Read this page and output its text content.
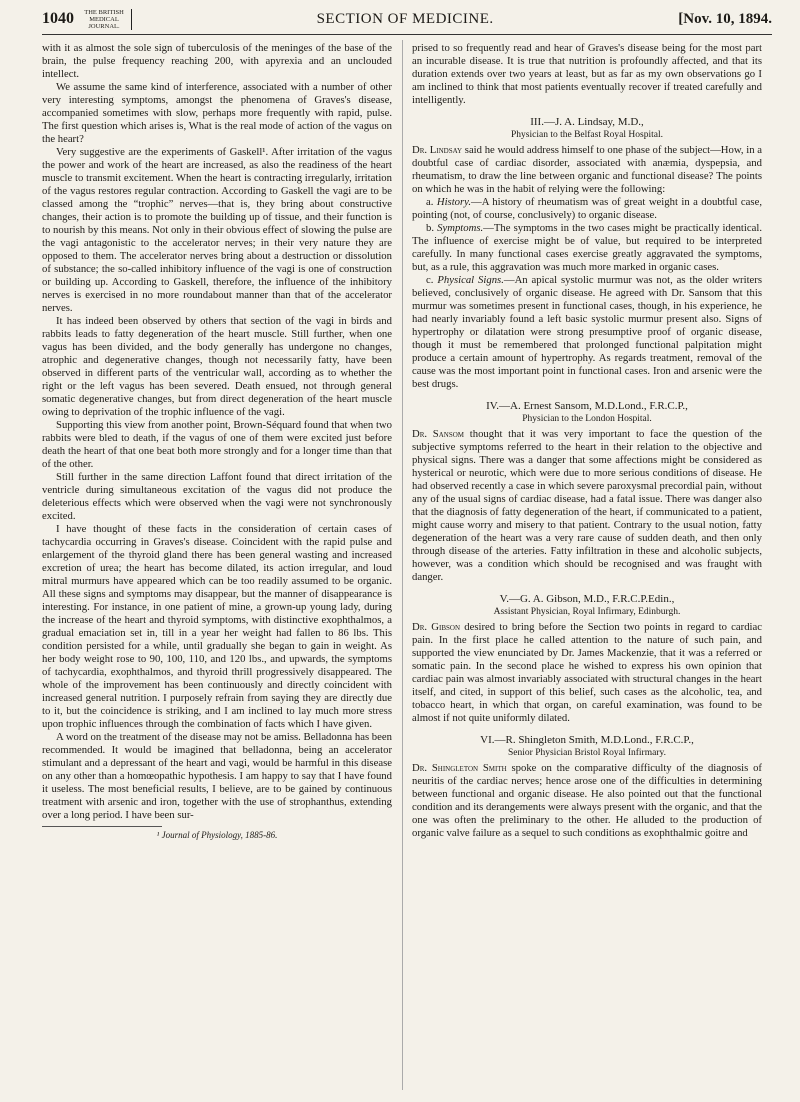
1040	THE BRITISH
MEDICAL JOURNAL.	SECTION OF MEDICINE.	[Nov. 10, 1894.

with it as almost the sole sign of tuberculosis of the meninges of the base of the brain, the pulse frequency reaching 200, with apyrexia and an unclouded intellect.

We assume the same kind of interference, associated with a number of other very interesting symptoms, amongst the phenomena of Graves's disease, accompanied sometimes with slow, perhaps more frequently with rapid, pulse. The first question which arises is, What is the real mode of action of the vagus on the heart?

Very suggestive are the experiments of Gaskell¹. After irritation of the vagus the power and work of the heart are increased, as also the readiness of the heart muscle to transmit excitement. When the heart is contracting irregularly, irritation of the vagus restores regular contraction. According to Gaskell the vagi are to be classed among the “trophic” nerves—that is, they bring about constructive changes, their action is to promote the building up of tissue, and their function is to nourish by this means. Not only in their obvious effect of slowing the pulse are the vagi antagonistic to the accelerator nerves; in their very nature they are opposed to them. The accelerator nerves bring about a destruction or dissolution of substance; the so-called inhibitory influence of the vagi is one of construction or building up. According to Gaskell, therefore, the influence of the inhibitory nerves is exercised in no more roundabout manner than that of the accelerator nerves.

It has indeed been observed by others that section of the vagi in birds and rabbits leads to fatty degeneration of the heart muscle. Still further, when one vagus has been divided, and the body generally has undergone no changes, atrophic and degenerative changes, though not necessarily fatty, have been observed in different parts of the ventricular wall, according as to whether the right or the left vagus has been severed. Death ensued, not through general somatic degenerative changes, but from direct degeneration of the heart muscle owing to deprivation of the trophic influence of the vagi.

Supporting this view from another point, Brown-Séquard found that when two rabbits were bled to death, if the vagus of one of them were excited just before death the heart of that one beat both more strongly and for a longer time than that of the other.

Still further in the same direction Laffont found that direct irritation of the ventricle during simultaneous excitation of the vagus did not produce the deleterious effects which were observed when the vagi were not synchronously excited.

I have thought of these facts in the consideration of certain cases of tachycardia occurring in Graves's disease. Coincident with the rapid pulse and enlargement of the thyroid gland there has been general wasting and increased excretion of urea; the heart has become dilated, its action irregular, and loud mitral murmurs have appeared which can be too readily assumed to be organic. All these signs and symptoms may disappear, but the manner of disappearance is interesting. For instance, in one patient of mine, a grown-up young lady, during the increase of the heart and thyroid symptoms, with distinctive exophthalmos, a gradual emaciation set in, till in a year her weight had fallen to 86 lbs. This condition persisted for a while, until gradually she began to gain in weight. As her body weight rose to 90, 100, 110, and 120 lbs., and upwards, the symptoms of tachycardia, exophthalmos, and thyroid thrill progressively disappeared. The whole of the improvement has been continuously and directly coincident with increased general nutrition. I purposely refrain from saying they are directly due to it, but the coincidence is striking, and I am inclined to lay much more stress upon trophic influences through the combination of facts which I have given.

A word on the treatment of the disease may not be amiss. Belladonna has been recommended. It would be imagined that belladonna, being an accelerator stimulant and a depressant of the heart and vagi, would be harmful in this disease on any other than a homœopathic hypothesis. I am happy to say that I have found it useless. The most beneficial results, I believe, are to be gained by continuous treatment with arsenic and iron, together with the use of strophanthus, extending over a long period. I have been sur-

¹ Journal of Physiology, 1885-86.

prised to so frequently read and hear of Graves's disease being for the most part an incurable disease. It is true that nutrition is profoundly affected, and that its duration extends over two years at least, but as far as my own observations go I am inclined to think that most patients eventually recover if treated carefully and intelligently.

III.—J. A. Lindsay, M.D.,
Physician to the Belfast Royal Hospital.

Dr. Lindsay said he would address himself to one phase of the subject—How, in a doubtful case of cardiac disorder, associated with anæmia, dyspepsia, and rheumatism, to draw the line between organic and functional disease? The points on which he was in the habit of relying were the following:

a. History.—A history of rheumatism was of great weight in a doubtful case, pointing (not, of course, conclusively) to organic disease.

b. Symptoms.—The symptoms in the two cases might be practically identical. The influence of exercise might be of value, but required to be interpreted carefully. In many functional cases exercise greatly aggravated the symptoms, but, as a rule, this aggravation was much more marked in organic cases.

c. Physical Signs.—An apical systolic murmur was not, as the older writers believed, conclusively of organic disease. He agreed with Dr. Sansom that this murmur was sometimes present in functional cases, though, in his experience, he had nearly invariably found a left basic systolic murmur present also. Signs of hypertrophy or dilatation were strong presumptive proof of organic disease, though it must be remembered that prolonged functional palpitation might produce a certain amount of hypertrophy. As regards treatment, removal of the cause was the most important point in functional cases. Iron and arsenic were the best drugs.

IV.—A. Ernest Sansom, M.D.Lond., F.R.C.P.,
Physician to the London Hospital.

Dr. Sansom thought that it was very important to face the question of the subjective symptoms referred to the heart in their relation to the objective and physical signs. There was a danger that some affections might be considered as hysterical or neurotic, which were due to more serious conditions of disease. He had observed recently a case in which severe paroxysmal precordial pain, without any of the usual signs of cardiac disease, had a fatal issue. There was danger also that the diagnosis of fatty degeneration of the heart, if communicated to a patient, might cause worry and misery to that patient. Contrary to the usual notion, fatty degeneration of the heart was a very rare cause of sudden death, and then only through disease of the arteries. Fatty infiltration in these and alcoholic subjects, however, was a condition which should be recognised and was fraught with danger.

V.—G. A. Gibson, M.D., F.R.C.P.Edin.,
Assistant Physician, Royal Infirmary, Edinburgh.

Dr. Gibson desired to bring before the Section two points in regard to cardiac pain. In the first place he called attention to the nature of such pain, and supported the view enunciated by Dr. James Mackenzie, that it was a referred or somatic pain. In the second place he wished to express his own opinion that cardiac pain was almost invariably associated with structural changes in the heart itself, and cited, in support of this belief, such cases as the alcoholic, tea, and tobacco heart, in which that organ, on careful examination, was found to be almost if not quite uniformly dilated.

VI.—R. Shingleton Smith, M.D.Lond., F.R.C.P.,
Senior Physician Bristol Royal Infirmary.

Dr. Shingleton Smith spoke on the comparative difficulty of the diagnosis of neuritis of the cardiac nerves; hence arose one of the difficulties in determining between functional and organic disease. He also pointed out that the functional condition and its derangements were always present with the organic, and that the one was often the preliminary to the other. He alluded to the production of organic valve failure as a sequel to such conditions as exophthalmic goitre and
